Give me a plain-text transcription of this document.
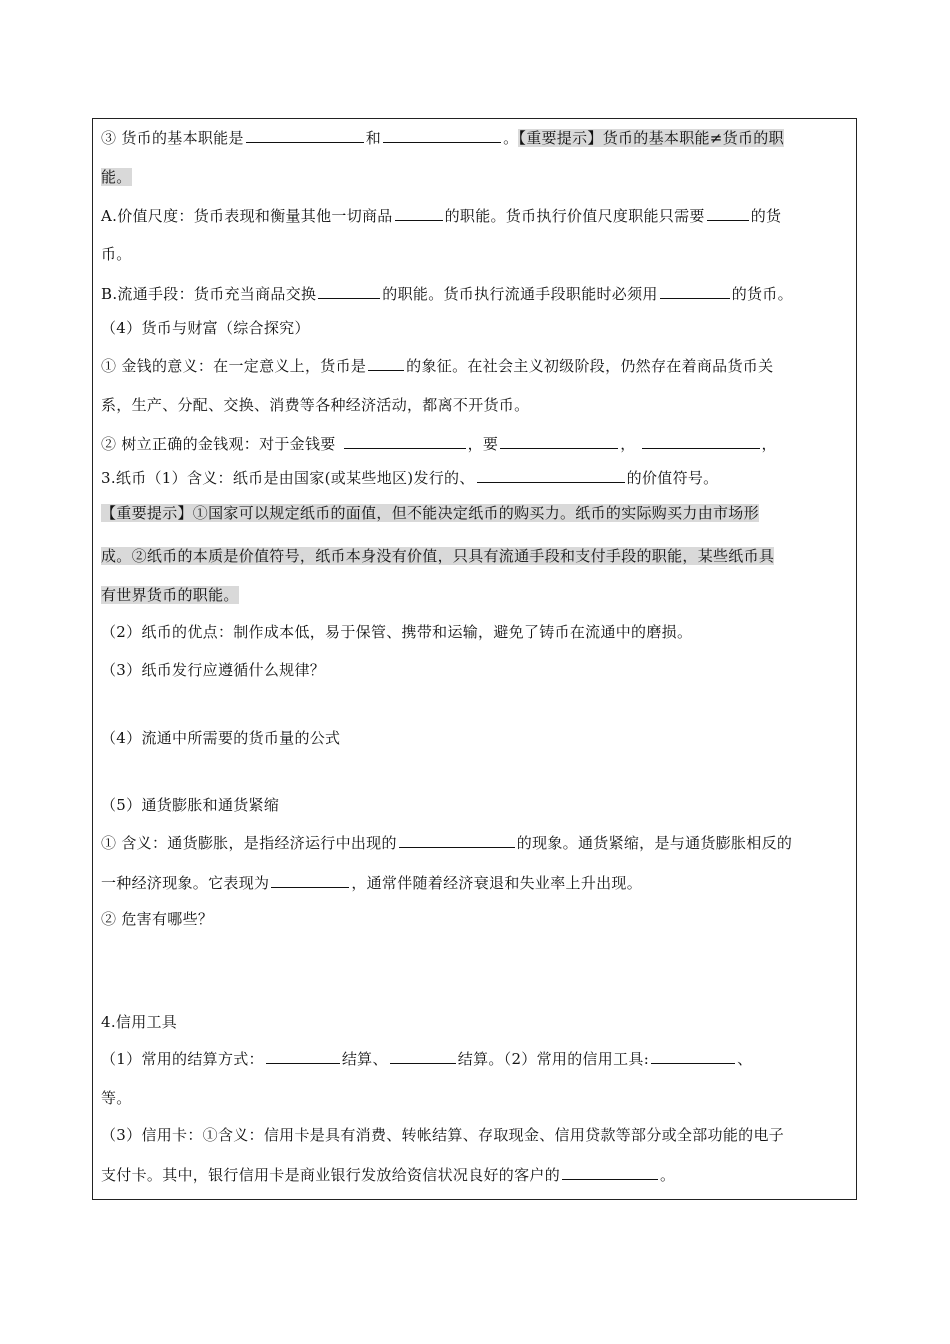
③ 货币的基本职能是	和	。【重要提示】货币的基本职能≠货币的职
能。
A.价值尺度：货币表现和衡量其他一切商品	的职能。货币执行价值尺度职能只需要	的货
币。
B.流通手段：货币充当商品交换	的职能。货币执行流通手段职能时必须用	的货币。
（4）货币与财富（综合探究）
① 金钱的意义：在一定意义上，货币是	的象征。在社会主义初级阶段，仍然存在着商品货币关
系，生产、分配、交换、消费等各种经济活动，都离不开货币。
② 树立正确的金钱观：对于金钱要	，要	，	，
3.纸币（1）含义：纸币是由国家(或某些地区)发行的、	的价值符号。
【重要提示】①国家可以规定纸币的面值，但不能决定纸币的购买力。纸币的实际购买力由市场形
成。②纸币的本质是价值符号，纸币本身没有价值，只具有流通手段和支付手段的职能，某些纸币具
有世界货币的职能。
（2）纸币的优点：制作成本低，易于保管、携带和运输，避免了铸币在流通中的磨损。
（3）纸币发行应遵循什么规律？
（4）流通中所需要的货币量的公式
（5）通货膨胀和通货紧缩
① 含义：通货膨胀，是指经济运行中出现的	的现象。通货紧缩，是与通货膨胀相反的
一种经济现象。它表现为	，通常伴随着经济衰退和失业率上升出现。
② 危害有哪些？
4.信用工具
（1）常用的结算方式：	结算、	结算。（2）常用的信用工具:	、
等。
（3）信用卡：①含义：信用卡是具有消费、转帐结算、存取现金、信用贷款等部分或全部功能的电子
支付卡。其中，银行信用卡是商业银行发放给资信状况良好的客户的	。
